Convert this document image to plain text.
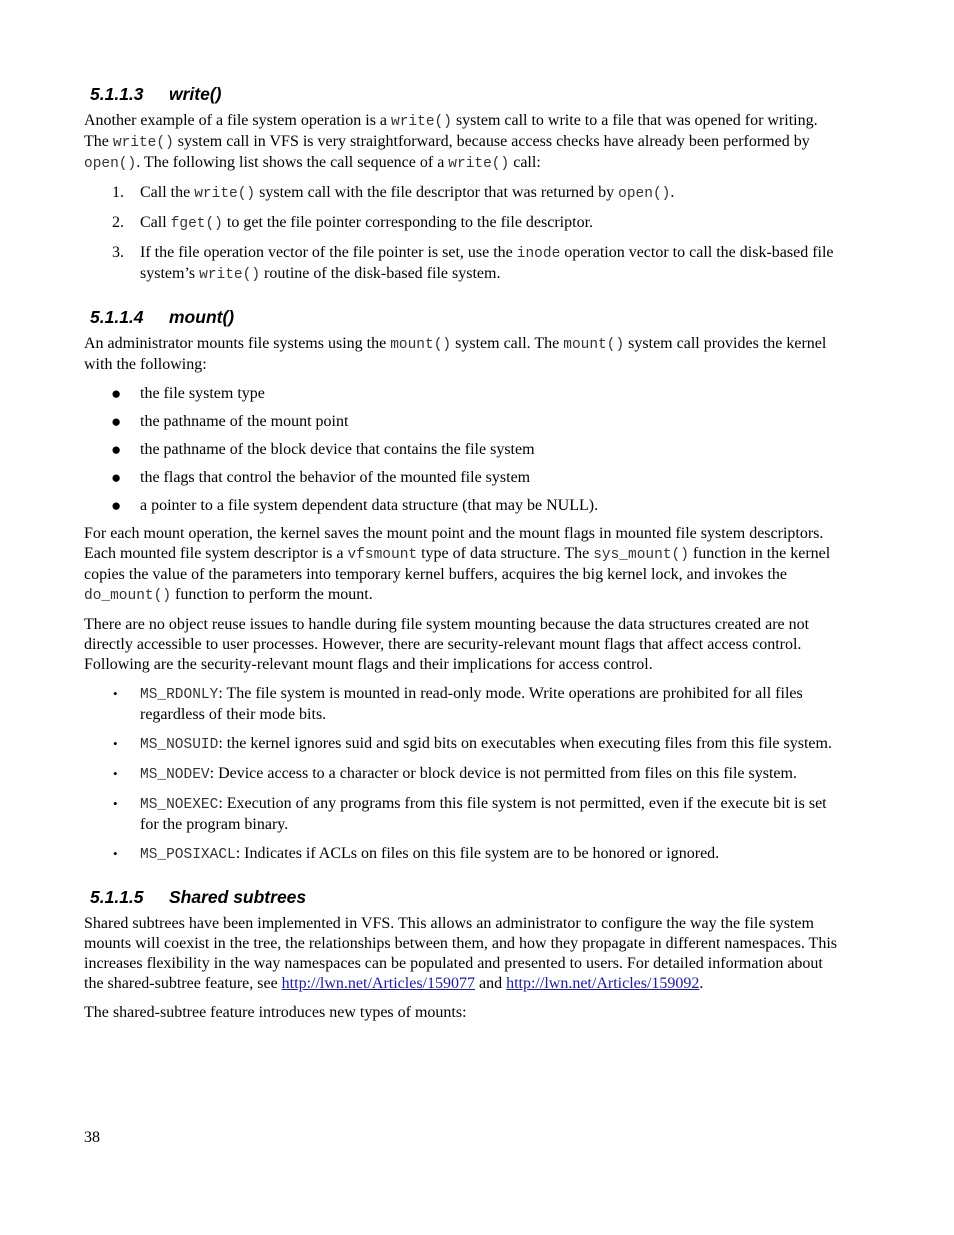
5.1.1.3 write()

Another example of a file system operation is a write() system call to write to a file that was opened for writing. The write() system call in VFS is very straightforward, because access checks have already been performed by open(). The following list shows the call sequence of a write() call:

1. Call the write() system call with the file descriptor that was returned by open().
2. Call fget() to get the file pointer corresponding to the file descriptor.
3. If the file operation vector of the file pointer is set, use the inode operation vector to call the disk-based file system’s write() routine of the disk-based file system.
5.1.1.4 mount()

An administrator mounts file systems using the mount() system call. The mount() system call provides the kernel with the following:

● the file system type
● the pathname of the mount point
● the pathname of the block device that contains the file system
● the flags that control the behavior of the mounted file system
● a pointer to a file system dependent data structure (that may be NULL).

For each mount operation, the kernel saves the mount point and the mount flags in mounted file system descriptors. Each mounted file system descriptor is a vfsmount type of data structure. The sys_mount() function in the kernel copies the value of the parameters into temporary kernel buffers, acquires the big kernel lock, and invokes the do_mount() function to perform the mount.

There are no object reuse issues to handle during file system mounting because the data structures created are not directly accessible to user processes. However, there are security-relevant mount flags that affect access control. Following are the security-relevant mount flags and their implications for access control.

• MS_RDONLY: The file system is mounted in read-only mode. Write operations are prohibited for all files regardless of their mode bits.
• MS_NOSUID: the kernel ignores suid and sgid bits on executables when executing files from this file system.
• MS_NODEV: Device access to a character or block device is not permitted from files on this file system.
• MS_NOEXEC: Execution of any programs from this file system is not permitted, even if the execute bit is set for the program binary.
• MS_POSIXACL: Indicates if ACLs on files on this file system are to be honored or ignored.
5.1.1.5 Shared subtrees

Shared subtrees have been implemented in VFS. This allows an administrator to configure the way the file system mounts will coexist in the tree, the relationships between them, and how they propagate in different namespaces. This increases flexibility in the way namespaces can be populated and presented to users. For detailed information about the shared-subtree feature, see http://lwn.net/Articles/159077 and http://lwn.net/Articles/159092.

The shared-subtree feature introduces new types of mounts:

38
